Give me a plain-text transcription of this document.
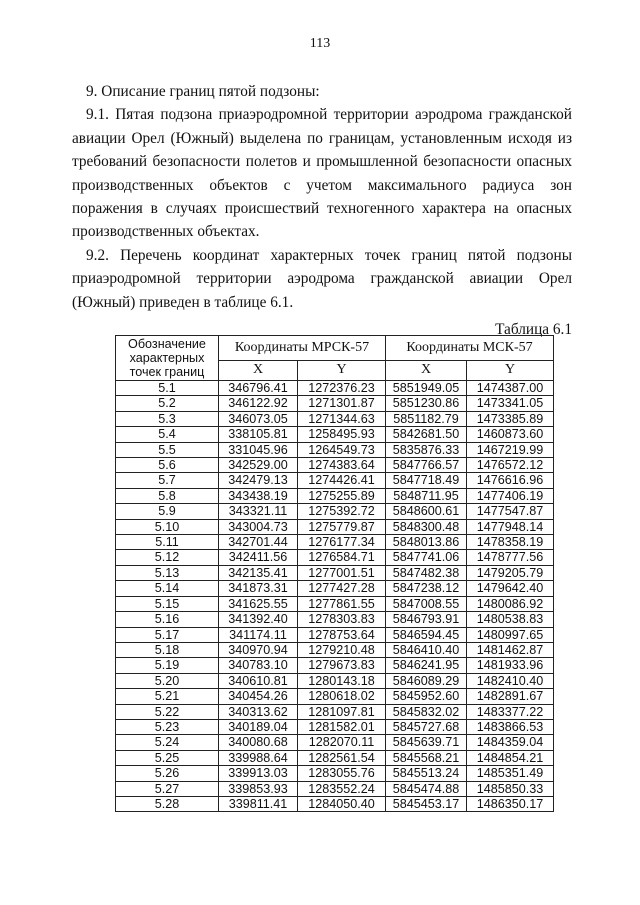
113

9. Описание границ пятой подзоны:

9.1. Пятая подзона приаэродромной территории аэродрома гражданской авиации Орел (Южный) выделена по границам, установленным исходя из требований безопасности полетов и промышленной безопасности опасных производственных объектов с учетом максимального радиуса зон поражения в случаях происшествий техногенного характера на опасных производственных объектах.

9.2. Перечень координат характерных точек границ пятой подзоны приаэродромной территории аэродрома гражданской авиации Орел (Южный) приведен в таблице 6.1.

Таблица 6.1
Обозначение характерных точек границ	Координаты МРСК-57		Координаты МСК-57	
	X	Y	X	Y
5.1	346796.41	1272376.23	5851949.05	1474387.00
5.2	346122.92	1271301.87	5851230.86	1473341.05
5.3	346073.05	1271344.63	5851182.79	1473385.89
5.4	338105.81	1258495.93	5842681.50	1460873.60
5.5	331045.96	1264549.73	5835876.33	1467219.99
5.6	342529.00	1274383.64	5847766.57	1476572.12
5.7	342479.13	1274426.41	5847718.49	1476616.96
5.8	343438.19	1275255.89	5848711.95	1477406.19
5.9	343321.11	1275392.72	5848600.61	1477547.87
5.10	343004.73	1275779.87	5848300.48	1477948.14
5.11	342701.44	1276177.34	5848013.86	1478358.19
5.12	342411.56	1276584.71	5847741.06	1478777.56
5.13	342135.41	1277001.51	5847482.38	1479205.79
5.14	341873.31	1277427.28	5847238.12	1479642.40
5.15	341625.55	1277861.55	5847008.55	1480086.92
5.16	341392.40	1278303.83	5846793.91	1480538.83
5.17	341174.11	1278753.64	5846594.45	1480997.65
5.18	340970.94	1279210.48	5846410.40	1481462.87
5.19	340783.10	1279673.83	5846241.95	1481933.96
5.20	340610.81	1280143.18	5846089.29	1482410.40
5.21	340454.26	1280618.02	5845952.60	1482891.67
5.22	340313.62	1281097.81	5845832.02	1483377.22
5.23	340189.04	1281582.01	5845727.68	1483866.53
5.24	340080.68	1282070.11	5845639.71	1484359.04
5.25	339988.64	1282561.54	5845568.21	1484854.21
5.26	339913.03	1283055.76	5845513.24	1485351.49
5.27	339853.93	1283552.24	5845474.88	1485850.33
5.28	339811.41	1284050.40	5845453.17	1486350.17
